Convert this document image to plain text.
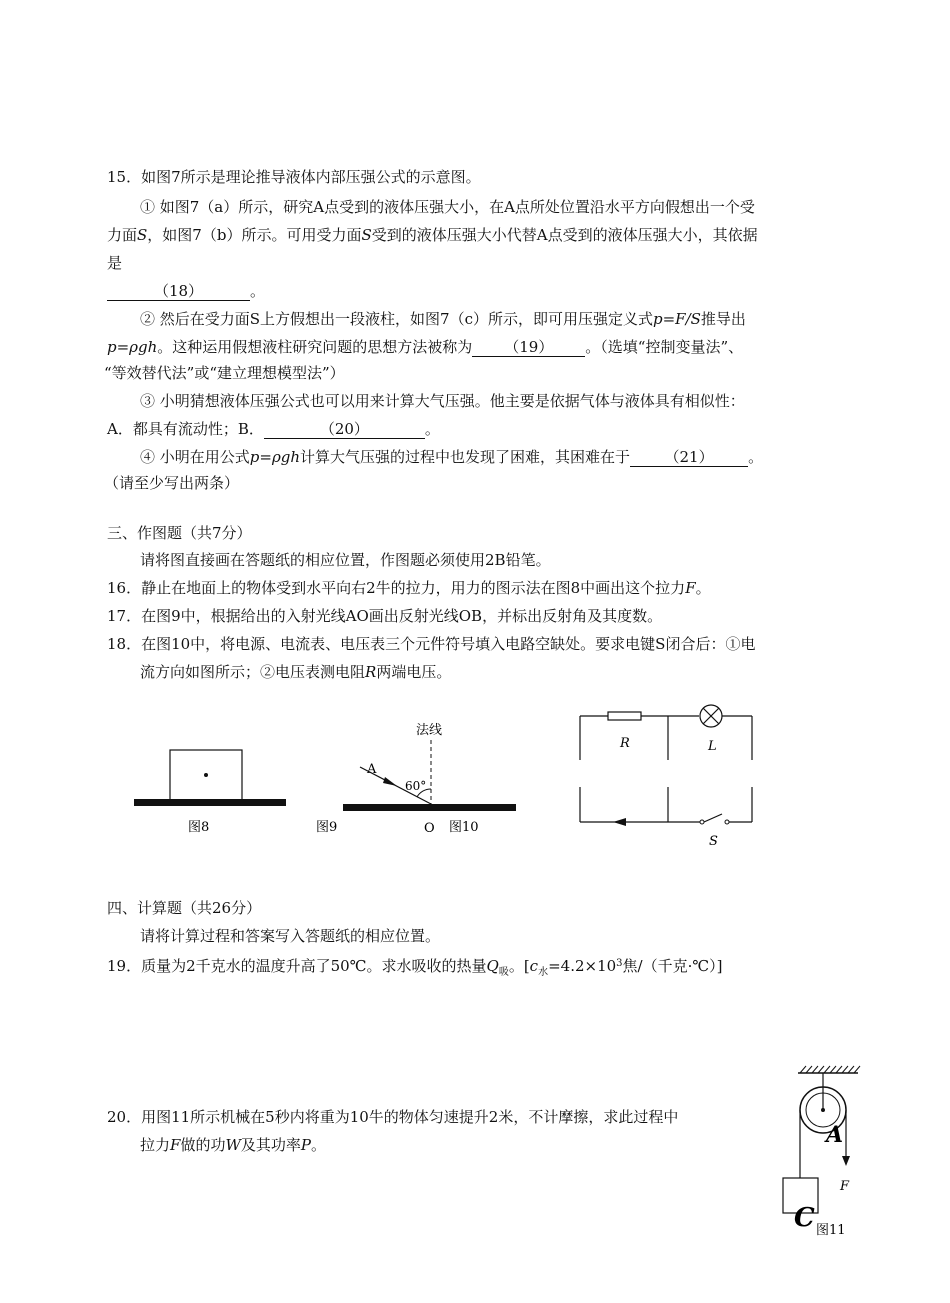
15．如图7所示是理论推导液体内部压强公式的示意图。
① 如图7（a）所示，研究A点受到的液体压强大小，在A点所处位置沿水平方向假想出一个受
力面S，如图7（b）所示。可用受力面S受到的液体压强大小代替A点受到的液体压强大小，其依据
是
（18）	。
② 然后在受力面S上方假想出一段液柱，如图7（c）所示，即可用压强定义式p=F/S推导出
p=ρgh。这种运用假想液柱研究问题的思想方法被称为 （19） 。（选填“控制变量法”、
“等效替代法”或“建立理想模型法”）
③ 小明猜想液体压强公式也可以用来计算大气压强。他主要是依据气体与液体具有相似性：
A．都具有流动性；B．	（20）	。
④ 小明在用公式p=ρgh计算大气压强的过程中也发现了困难，其困难在于 （21） 。
（请至少写出两条）
三、作图题（共7分）
请将图直接画在答题纸的相应位置，作图题必须使用2B铅笔。
16．静止在地面上的物体受到水平向右2牛的拉力，用力的图示法在图8中画出这个拉力F。
17．在图9中，根据给出的入射光线AO画出反射光线OB，并标出反射角及其度数。
18．在图10中，将电源、电流表、电压表三个元件符号填入电路空缺处。要求电键S闭合后：①电
流方向如图所示；②电压表测电阻R两端电压。
图8
法线
A
60°
图9	O 图10
R	L
S
四、计算题（共26分）
请将计算过程和答案写入答题纸的相应位置。
19．质量为2千克水的温度升高了50℃。求水吸收的热量$Q_吸$。[$c_水=4.2\times 10^3$焦/（千克·℃）]
20．用图11所示机械在5秒内将重为10牛的物体匀速提升2米，不计摩擦，求此过程中
拉力F做的功W及其功率P。	A
F
C 图11
